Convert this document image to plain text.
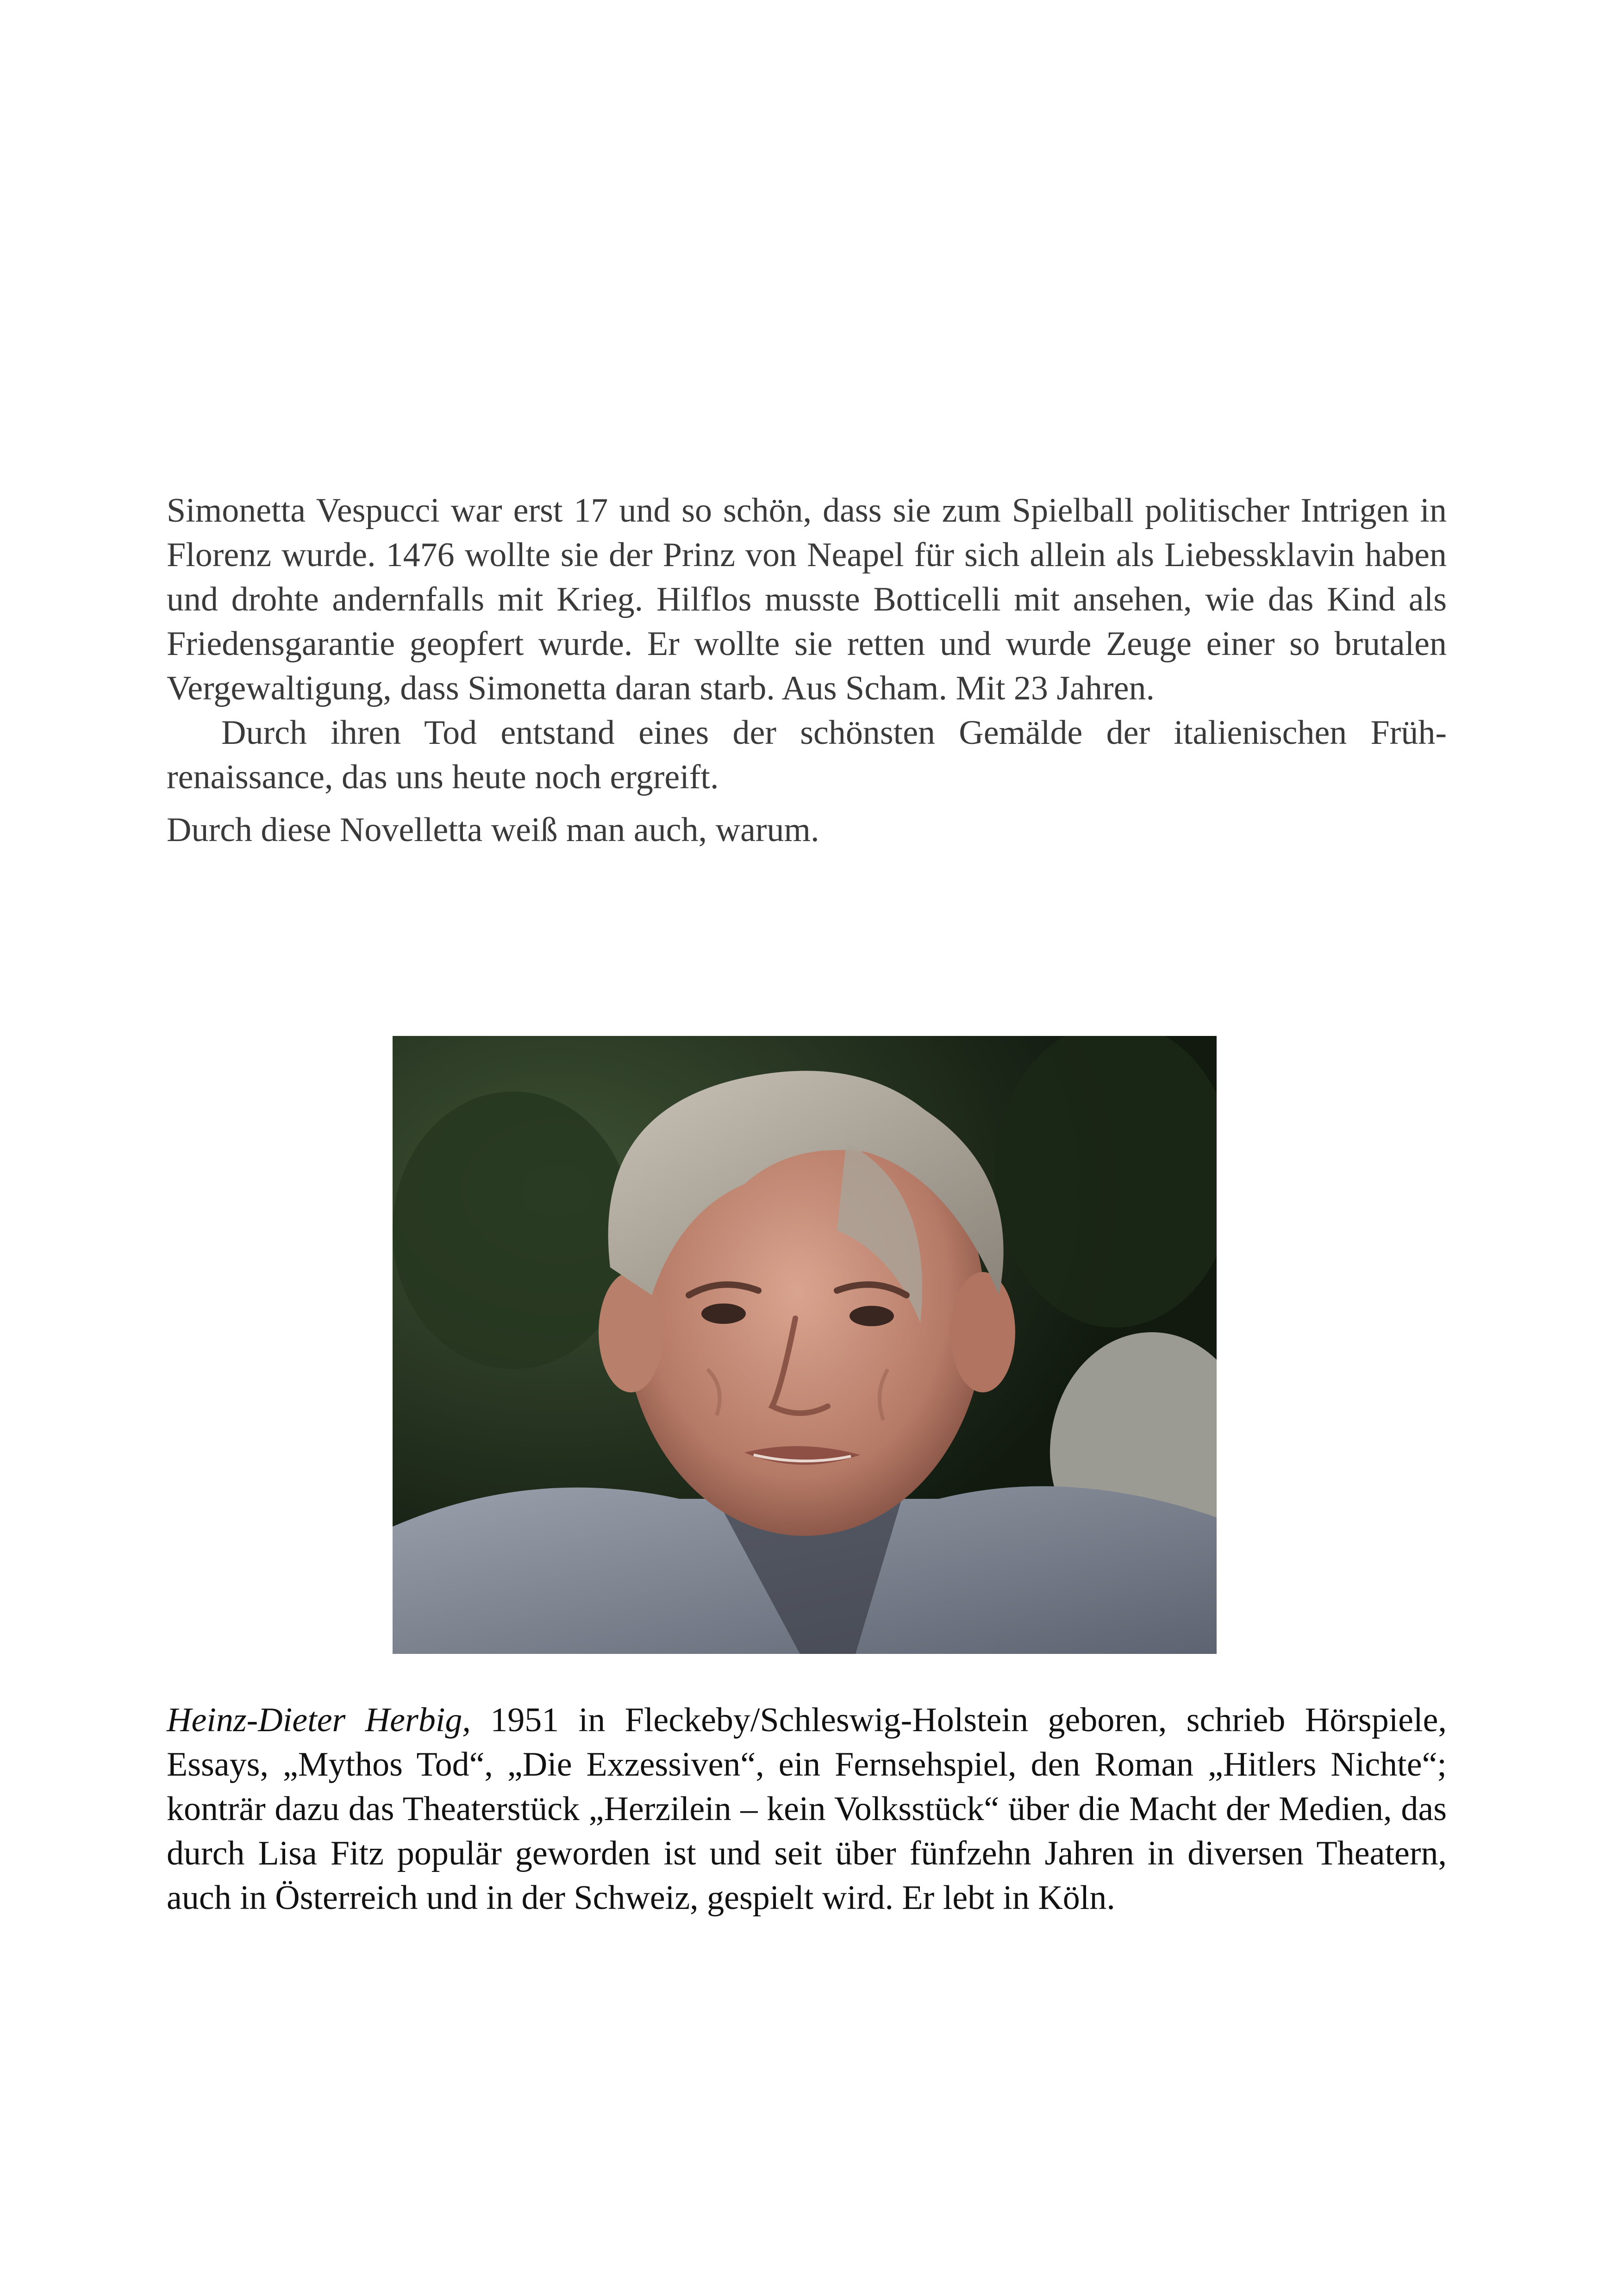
Simonetta Vespucci war erst 17 und so schön, dass sie zum Spielball politischer Intrigen in Florenz wurde. 1476 wollte sie der Prinz von Neapel für sich allein als Liebessklavin haben und drohte andernfalls mit Krieg. Hilflos musste Botticelli mit ansehen, wie das Kind als Friedensgarantie geopfert wurde. Er wollte sie retten und wurde Zeuge einer so brutalen Vergewaltigung, dass Simonetta daran starb. Aus Scham. Mit 23 Jahren.

Durch ihren Tod entstand eines der schönsten Gemälde der italienischen Frührenaissance, das uns heute noch ergreift.

Durch diese Novelletta weiß man auch, warum.

Heinz-Dieter Herbig, 1951 in Fleckeby/Schleswig-Holstein geboren, schrieb Hörspiele, Essays, „Mythos Tod“, „Die Exzessiven“, ein Fernsehspiel, den Roman „Hitlers Nichte“; konträr dazu das Theaterstück „Herzilein – kein Volksstück“ über die Macht der Medien, das durch Lisa Fitz populär geworden ist und seit über fünfzehn Jahren in diversen Theatern, auch in Österreich und in der Schweiz, gespielt wird. Er lebt in Köln.
